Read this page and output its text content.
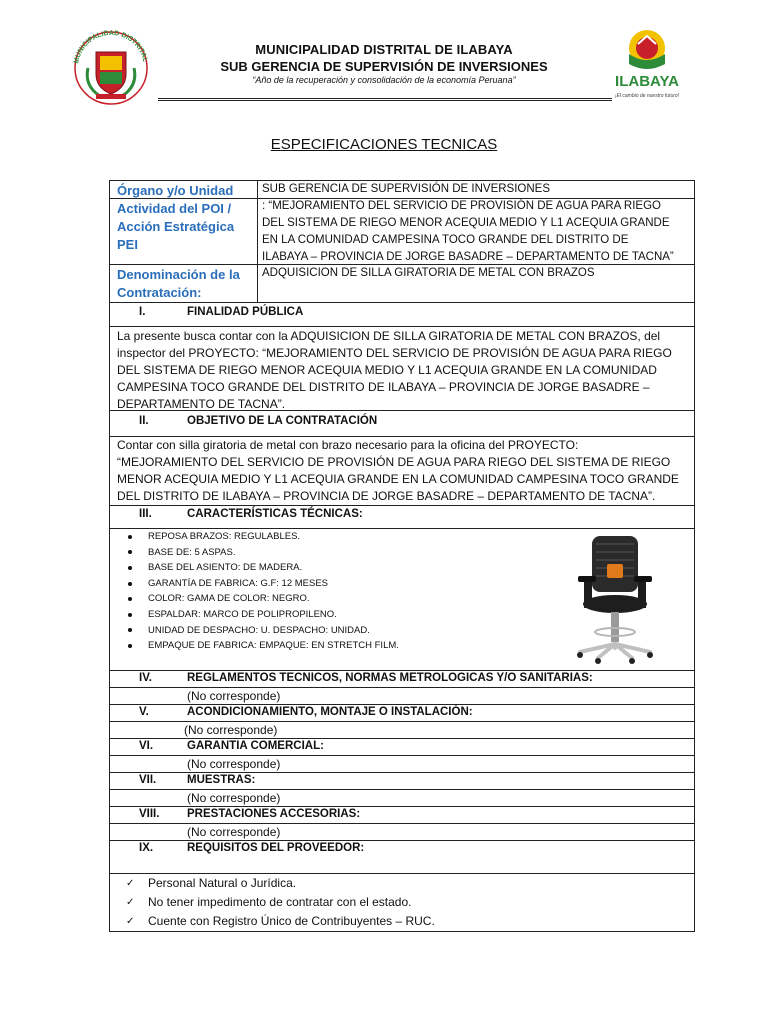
MUNICIPALIDAD DISTRITAL
MUNICIPALIDAD DISTRITAL DE ILABAYA
SUB GERENCIA DE SUPERVISIÓN DE INVERSIONES
“Año de la recuperación y consolidación de la economía Peruana”	ILABAYA
¡El cambio de nuestro futuro!
ESPECIFICACIONES TECNICAS
Órgano y/o Unidad SUB GERENCIA DE SUPERVISIÓN DE INVERSIONES
Actividad del POI /
Acción Estratégica
PEI
: “MEJORAMIENTO DEL SERVICIO DE PROVISIÓN DE AGUA PARA RIEGO
DEL SISTEMA DE RIEGO MENOR ACEQUIA MEDIO Y L1 ACEQUIA GRANDE
EN LA COMUNIDAD CAMPESINA TOCO GRANDE DEL DISTRITO DE
ILABAYA – PROVINCIA DE JORGE BASADRE – DEPARTAMENTO DE TACNA”
Denominación de la
Contratación:
ADQUISICION DE SILLA GIRATORIA DE METAL CON BRAZOS
I.	FINALIDAD PÚBLICA
La presente busca contar con la ADQUISICION DE SILLA GIRATORIA DE METAL CON BRAZOS, del
inspector del PROYECTO: “MEJORAMIENTO DEL SERVICIO DE PROVISIÓN DE AGUA PARA RIEGO
DEL SISTEMA DE RIEGO MENOR ACEQUIA MEDIO Y L1 ACEQUIA GRANDE EN LA COMUNIDAD
CAMPESINA TOCO GRANDE DEL DISTRITO DE ILABAYA – PROVINCIA DE JORGE BASADRE –
DEPARTAMENTO DE TACNA”.
II.	OBJETIVO DE LA CONTRATACIÓN
Contar con silla giratoria de metal con brazo necesario para la oficina del PROYECTO:
“MEJORAMIENTO DEL SERVICIO DE PROVISIÓN DE AGUA PARA RIEGO DEL SISTEMA DE RIEGO
MENOR ACEQUIA MEDIO Y L1 ACEQUIA GRANDE EN LA COMUNIDAD CAMPESINA TOCO GRANDE
DEL DISTRITO DE ILABAYA – PROVINCIA DE JORGE BASADRE – DEPARTAMENTO DE TACNA”.
III.	CARACTERÍSTICAS TÉCNICAS:
REPOSA BRAZOS: REGULABLES.
BASE DE: 5 ASPAS.
BASE DEL ASIENTO: DE MADERA.
GARANTÍA DE FABRICA: G.F: 12 MESES
COLOR: GAMA DE COLOR: NEGRO.
ESPALDAR: MARCO DE POLIPROPILENO.
UNIDAD DE DESPACHO: U. DESPACHO: UNIDAD.
EMPAQUE DE FABRICA: EMPAQUE: EN STRETCH FILM.
IV.	REGLAMENTOS TECNICOS, NORMAS METROLOGICAS Y/O SANITARIAS:
(No corresponde)
V.	ACONDICIONAMIENTO, MONTAJE O INSTALACIÓN:
(No corresponde)
VI.	GARANTIA COMERCIAL:
(No corresponde)
VII.	MUESTRAS:
(No corresponde)
VIII. PRESTACIONES ACCESORIAS:
(No corresponde)
IX.	REQUISITOS DEL PROVEEDOR:
✓	Personal Natural o Jurídica.
✓	No tener impedimento de contratar con el estado.
✓	Cuente con Registro Único de Contribuyentes – RUC.
